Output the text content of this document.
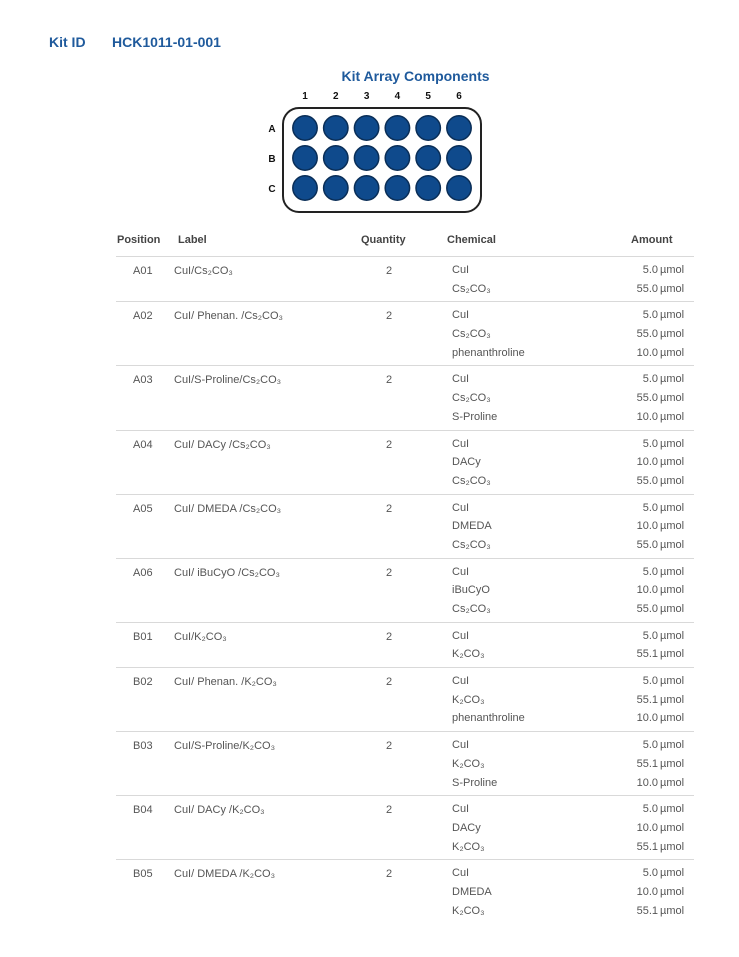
Kit ID HCK1011-01-001
Kit Array Components
1	2	3	4	5	6
A
B
C
Position Label	Quantity	Chemical	Amount
A01 CuI/Cs₂CO₃	2	CuI	5.0 µmol
Cs₂CO₃	55.0 µmol
A02 CuI/ Phenan. /Cs₂CO₃	2	CuI	5.0 µmol
Cs₂CO₃	55.0 µmol
phenanthroline	10.0 µmol
A03 CuI/S-Proline/Cs₂CO₃	2	CuI	5.0 µmol
Cs₂CO₃	55.0 µmol
S-Proline	10.0 µmol
A04 CuI/ DACy /Cs₂CO₃	2	CuI	5.0 µmol
DACy	10.0 µmol
Cs₂CO₃	55.0 µmol
A05 CuI/ DMEDA /Cs₂CO₃	2	CuI	5.0 µmol
DMEDA	10.0 µmol
Cs₂CO₃	55.0 µmol
A06 CuI/ iBuCyO /Cs₂CO₃	2	CuI	5.0 µmol
iBuCyO	10.0 µmol
Cs₂CO₃	55.0 µmol
B01 CuI/K₂CO₃	2	CuI	5.0 µmol
K₂CO₃	55.1 µmol
B02 CuI/ Phenan. /K₂CO₃	2	CuI	5.0 µmol
K₂CO₃	55.1 µmol
phenanthroline	10.0 µmol
B03 CuI/S-Proline/K₂CO₃	2	CuI	5.0 µmol
K₂CO₃	55.1 µmol
S-Proline	10.0 µmol
B04 CuI/ DACy /K₂CO₃	2	CuI	5.0 µmol
DACy	10.0 µmol
K₂CO₃	55.1 µmol
B05 CuI/ DMEDA /K₂CO₃	2	CuI	5.0 µmol
DMEDA	10.0 µmol
K₂CO₃	55.1 µmol
